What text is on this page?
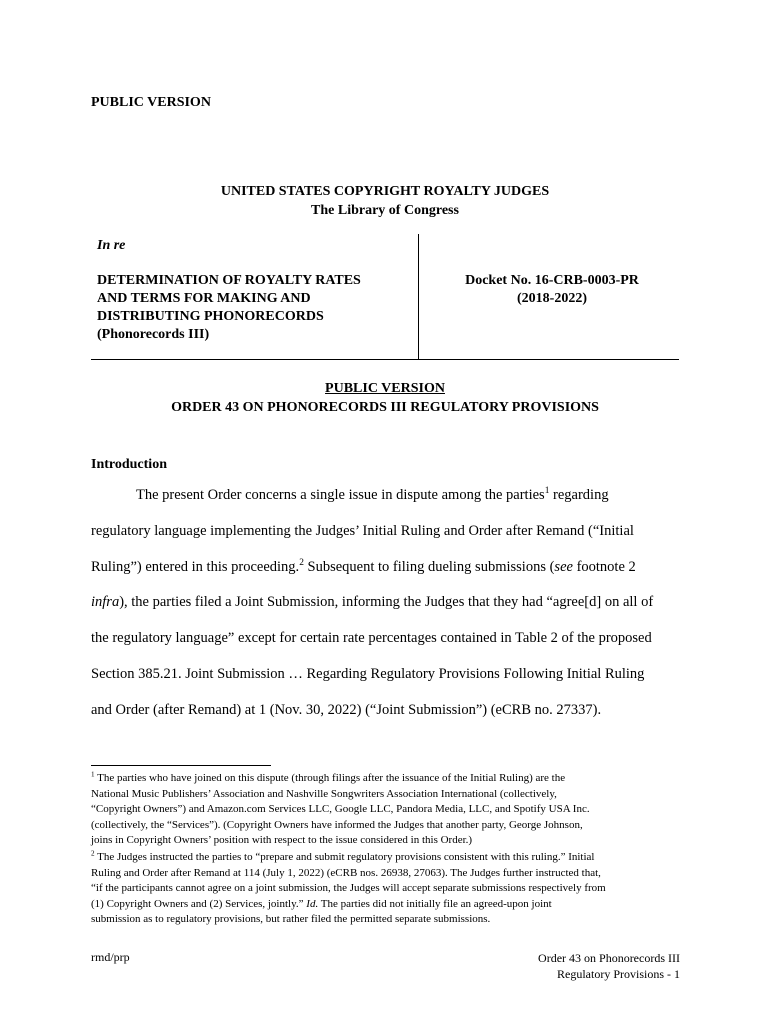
PUBLIC VERSION
UNITED STATES COPYRIGHT ROYALTY JUDGES
The Library of Congress
In re
DETERMINATION OF ROYALTY RATES
AND TERMS FOR MAKING AND
DISTRIBUTING PHONORECORDS
(Phonorecords III)
Docket No. 16-CRB-0003-PR
(2018-2022)
PUBLIC VERSION
ORDER 43 ON PHONORECORDS III REGULATORY PROVISIONS
Introduction
The present Order concerns a single issue in dispute among the parties$^1$ regarding
regulatory language implementing the Judges’ Initial Ruling and Order after Remand (“Initial
Ruling”) entered in this proceeding.$^2$ Subsequent to filing dueling submissions (see footnote 2
infra), the parties filed a Joint Submission, informing the Judges that they had “agree[d] on all of
the regulatory language” except for certain rate percentages contained in Table 2 of the proposed
Section 385.21. Joint Submission … Regarding Regulatory Provisions Following Initial Ruling
and Order (after Remand) at 1 (Nov. 30, 2022) (“Joint Submission”) (eCRB no. 27337).
$^1$ The parties who have joined on this dispute (through filings after the issuance of the Initial Ruling) are the
National Music Publishers’ Association and Nashville Songwriters Association International (collectively,
“Copyright Owners”) and Amazon.com Services LLC, Google LLC, Pandora Media, LLC, and Spotify USA Inc.
(collectively, the “Services”). (Copyright Owners have informed the Judges that another party, George Johnson,
joins in Copyright Owners’ position with respect to the issue considered in this Order.)
$^2$ The Judges instructed the parties to “prepare and submit regulatory provisions consistent with this ruling.” Initial
Ruling and Order after Remand at 114 (July 1, 2022) (eCRB nos. 26938, 27063). The Judges further instructed that,
“if the participants cannot agree on a joint submission, the Judges will accept separate submissions respectively from
(1) Copyright Owners and (2) Services, jointly.” Id. The parties did not initially file an agreed-upon joint
submission as to regulatory provisions, but rather filed the permitted separate submissions.
rmd/prp	Order 43 on Phonorecords III
Regulatory Provisions - 1
